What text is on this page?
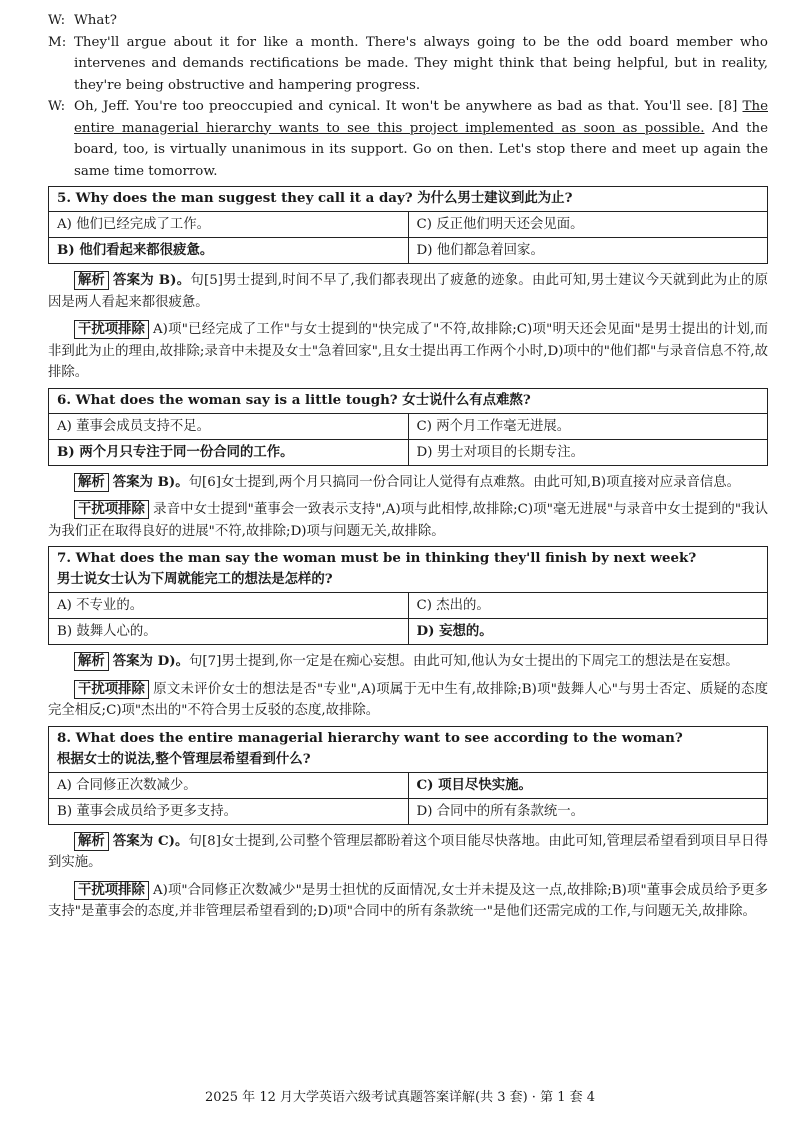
W: What?
M: They'll argue about it for like a month. There's always going to be the odd board member who intervenes and demands rectifications be made. They might think that being helpful, but in reality, they're being obstructive and hampering progress.
W: Oh, Jeff. You're too preoccupied and cynical. It won't be anywhere as bad as that. You'll see. [8] The entire managerial hierarchy wants to see this project implemented as soon as possible. And the board, too, is virtually unanimous in its support. Go on then. Let's stop there and meet up again the same time tomorrow.
5. Why does the man suggest they call it a day? 为什么男士建议到此为止?
A) 他们已经完成了工作。	C) 反正他们明天还会见面。
B) 他们看起来都很疲惫。	D) 他们都急着回家。

解析 答案为 B)。句[5]男士提到,时间不早了,我们都表现出了疲惫的迹象。由此可知,男士建议今天就到此为止的原因是两人看起来都很疲惫。

干扰项排除 A)项"已经完成了工作"与女士提到的"快完成了"不符,故排除;C)项"明天还会见面"是男士提出的计划,而非到此为止的理由,故排除;录音中未提及女士"急着回家",且女士提出再工作两个小时,D)项中的"他们都"与录音信息不符,故排除。

6. What does the woman say is a little tough? 女士说什么有点难熬?
A) 董事会成员支持不足。	C) 两个月工作毫无进展。
B) 两个月只专注于同一份合同的工作。	D) 男士对项目的长期专注。

解析 答案为 B)。句[6]女士提到,两个月只搞同一份合同让人觉得有点难熬。由此可知,B)项直接对应录音信息。

干扰项排除 录音中女士提到"董事会一致表示支持",A)项与此相悖,故排除;C)项"毫无进展"与录音中女士提到的"我认为我们正在取得良好的进展"不符,故排除;D)项与问题无关,故排除。

7. What does the man say the woman must be in thinking they'll finish by next week?
男士说女士认为下周就能完工的想法是怎样的?
A) 不专业的。	C) 杰出的。
B) 鼓舞人心的。	D) 妄想的。

解析 答案为 D)。句[7]男士提到,你一定是在痴心妄想。由此可知,他认为女士提出的下周完工的想法是在妄想。

干扰项排除 原文未评价女士的想法是否"专业",A)项属于无中生有,故排除;B)项"鼓舞人心"与男士否定、质疑的态度完全相反;C)项"杰出的"不符合男士反驳的态度,故排除。

8. What does the entire managerial hierarchy want to see according to the woman?
根据女士的说法,整个管理层希望看到什么?
A) 合同修正次数减少。	C) 项目尽快实施。
B) 董事会成员给予更多支持。	D) 合同中的所有条款统一。

解析 答案为 C)。句[8]女士提到,公司整个管理层都盼着这个项目能尽快落地。由此可知,管理层希望看到项目早日得到实施。

干扰项排除 A)项"合同修正次数减少"是男士担忧的反面情况,女士并未提及这一点,故排除;B)项"董事会成员给予更多支持"是董事会的态度,并非管理层希望看到的;D)项"合同中的所有条款统一"是他们还需完成的工作,与问题无关,故排除。

2025 年 12 月大学英语六级考试真题答案详解(共 3 套) · 第 1 套 4
